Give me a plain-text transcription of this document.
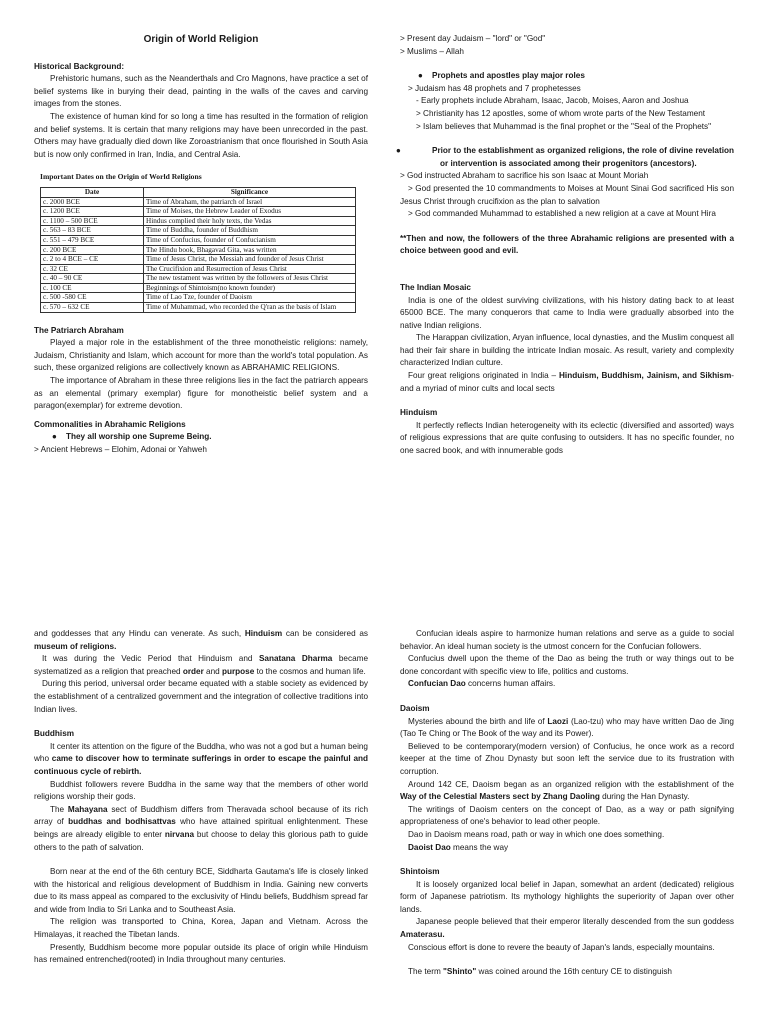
Origin of World Religion

Historical Background:

Prehistoric humans, such as the Neanderthals and Cro Magnons, have practice a set of belief systems like in burying their dead, painting in the walls of the caves and carving images from the stones.

The existence of human kind for so long a time has resulted in the formation of religion and belief systems. It is certain that many religions may have been unrecorded in the past. Others may have gradually died down like Zoroastrianism that once flourished in South Asia but is now only confirmed in Iran, India, and Central Asia.

Important Dates on the Origin of World Religions
Date	Significance
c. 2000 BCE	Time of Abraham, the patriarch of Israel
c. 1200 BCE	Time of Moises, the Hebrew Leader of Exodus
c. 1100 – 500 BCE	Hindus complied their holy texts, the Vedas
c. 563 – 83 BCE	Time of Buddha, founder of Buddhism
c. 551 – 479 BCE	Time of Confucius, founder of Confucianism
c. 200 BCE	The Hindu book, Bhagavad Gita, was written
c. 2 to 4 BCE – CE	Time of Jesus Christ, the Messiah and founder of Jesus Christ
c. 32 CE	The Crucifixion and Resurrection of Jesus Christ
c. 40 – 90 CE	The new testament was written by the followers of Jesus Christ
c. 100 CE	Beginnings of Shintoism(no known founder)
c. 500 -580 CE	Time of Lao Tze, founder of Daoism
c. 570 – 632 CE	Time of Muhammad, who recorded the Q'ran as the basis of Islam

The Patriarch Abraham

Played a major role in the establishment of the three monotheistic religions: namely, Judaism, Christianity and Islam, which account for more than the world's total population. As such, these organized religions are collectively known as ABRAHAMIC RELIGIONS.

The importance of Abraham in these three religions lies in the fact the patriarch appears as an elemental (primary exemplar) figure for monotheistic belief system and a paragon(exemplar) for extreme devotion.

Commonalities in Abrahamic Religions

● They all worship one Supreme Being.

> Ancient Hebrews – Elohim, Adonai or Yahweh

> Present day Judaism – "lord" or "God"

> Muslims – Allah

● Prophets and apostles play major roles

> Judaism has 48 prophets and 7 prophetesses

- Early prophets include Abraham, Isaac, Jacob, Moises, Aaron and Joshua

> Christianity has 12 apostles, some of whom wrote parts of the New Testament

> Islam believes that Muhammad is the final prophet or the "Seal of the Prophets"

●	Prior to the establishment as organized religions, the role of divine revelation or intervention is associated among their progenitors (ancestors).

> God instructed Abraham to sacrifice his son Isaac at Mount Moriah

> God presented the 10 commandments to Moises at Mount Sinai God sacrificed His son Jesus Christ through crucifixion as the plan to salvation

> God commanded Muhammad to established a new religion at a cave at Mount Hira

**Then and now, the followers of the three Abrahamic religions are presented with a choice between good and evil.

The Indian Mosaic

India is one of the oldest surviving civilizations, with his history dating back to at least 65000 BCE. The many conquerors that came to India were gradually absorbed into the native Indian religions.

The Harappan civilization, Aryan influence, local dynasties, and the Muslim conquest all had their fair share in building the intricate Indian mosaic. As result, variety and complexity characterized Indian culture.

Four great religions originated in India – Hinduism, Buddhism, Jainism, and Sikhism- and a myriad of minor cults and local sects

Hinduism

It perfectly reflects Indian heterogeneity with its eclectic (diversified and assorted) ways of religious expressions that are quite confusing to outsiders. It has no specific founder, no one sacred book, and with innumerable gods

and goddesses that any Hindu can venerate. As such, Hinduism can be considered as museum of religions.

It was during the Vedic Period that Hinduism and Sanatana Dharma became systematized as a religion that preached order and purpose to the cosmos and human life.

During this period, universal order became equated with a stable society as evidenced by the establishment of a centralized government and the integration of collective traditions into Indian lives.

Buddhism

It center its attention on the figure of the Buddha, who was not a god but a human being who came to discover how to terminate sufferings in order to escape the painful and continuous cycle of rebirth.

Buddhist followers revere Buddha in the same way that the members of other world religions worship their gods.

The Mahayana sect of Buddhism differs from Theravada school because of its rich array of buddhas and bodhisattvas who have attained spiritual enlightenment. These beings are already eligible to enter nirvana but choose to delay this glorious path to guide others to the path of salvation.

Born near at the end of the 6th century BCE, Siddharta Gautama's life is closely linked with the historical and religious development of Buddhism in India. Gaining new converts due to its mass appeal as compared to the exclusivity of Hindu beliefs, Buddhism spread far and wide from India to Sri Lanka and to Southeast Asia.

The religion was transported to China, Korea, Japan and Vietnam. Across the Himalayas, it reached the Tibetan lands.

Presently, Buddhism become more popular outside its place of origin while Hinduism has remained entrenched(rooted) in India throughout many centuries.

Confucian ideals aspire to harmonize human relations and serve as a guide to social behavior. An ideal human society is the utmost concern for the Confucian followers.

Confucius dwell upon the theme of the Dao as being the truth or way things out to be done concordant with specific view to life, politics and customs.

Confucian Dao concerns human affairs.

Daoism

Mysteries abound the birth and life of Laozi (Lao-tzu) who may have written Dao de Jing (Tao Te Ching or The Book of the way and its Power).

Believed to be contemporary(modern version) of Confucius, he once work as a record keeper at the time of Zhou Dynasty but soon left the service due to its frustration with corruption.

Around 142 CE, Daoism began as an organized religion with the establishment of the Way of the Celestial Masters sect by Zhang Daoling during the Han Dynasty.

The writings of Daoism centers on the concept of Dao, as a way or path signifying appropriateness of one's behavior to lead other people.

Dao in Daoism means road, path or way in which one does something.

Daoist Dao means the way

Shintoism

It is loosely organized local belief in Japan, somewhat an ardent (dedicated) religious form of Japanese patriotism. Its mythology highlights the superiority of Japan over other lands.

Japanese people believed that their emperor literally descended from the sun goddess Amaterasu.

Conscious effort is done to revere the beauty of Japan's lands, especially mountains.

The term "Shinto" was coined around the 16th century CE to distinguish
